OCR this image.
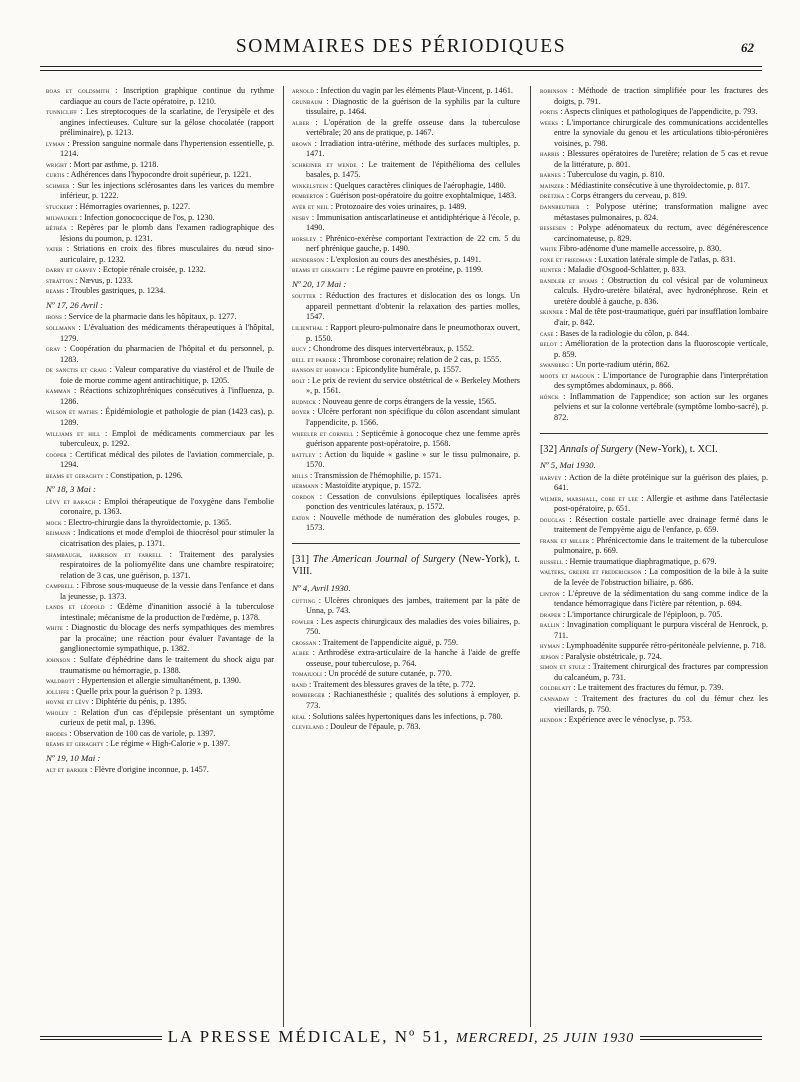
SOMMAIRES DES PÉRIODIQUES	62

boas et goldsmith : Inscription graphique continue du rythme cardiaque au cours de l'acte opératoire, p. 1210.

tunnicliff : Les streptocoques de la scarlatine, de l'erysipèle et des angines infectieuses. Culture sur la gélose chocolatée (rapport préliminaire), p. 1213.

lyman : Pression sanguine normale dans l'hypertension essentielle, p. 1214.

wright : Mort par asthme, p. 1218.

curtis : Adhérences dans l'hypocondre droit supérieur, p. 1221.

schmier : Sur les injections sclérosantes dans les varices du membre inférieur, p. 1222.

stuckert : Hémorragies ovariennes, p. 1227.

milwaukee : Infection gonococcique de l'os, p. 1230.

béthéa : Repères par le plomb dans l'examen radiographique des lésions du poumon, p. 1231.

yater : Striations en croix des fibres musculaires du nœud sino-auriculaire, p. 1232.

darry et garvey : Ectopie rénale croisée, p. 1232.

stratton : Nævus, p. 1233.

beams : Troubles gastriques, p. 1234.

Nº 17, 26 Avril :

irons : Service de la pharmacie dans les hôpitaux, p. 1277.

sollmann : L'évaluation des médicaments thérapeutiques à l'hôpital, 1279.

gray : Coopération du pharmacien de l'hôpital et du personnel, p. 1283.

de sanctis et craig : Valeur comparative du viastérol et de l'huile de foie de morue comme agent antirachitique, p. 1205.

kamman : Réactions schizophréniques consécutives à l'influenza, p. 1286.

wilson et mathis : Épidémiologie et pathologie de pian (1423 cas), p. 1289.

williams et hill : Emploi de médicaments commerciaux par les tuberculeux, p. 1292.

cooper : Certificat médical des pilotes de l'aviation commerciale, p. 1294.

beams et geraghty : Constipation, p. 1296.

Nº 18, 3 Mai :

lévy et barach : Emploi thérapeutique de l'oxygène dans l'embolie coronaire, p. 1363.

mock : Electro-chirurgie dans la thyroïdectomie, p. 1365.

reimann : Indications et mode d'emploi de thiocrésol pour stimuler la cicatrisation des plaies, p. 1371.

shambaugh, harrison et farrell : Traitement des paralysies respiratoires de la poliomyélite dans une chambre respiratoire; relation de 3 cas, une guérison, p. 1371.

campbell : Fibrose sous-muqueuse de la vessie dans l'enfance et dans la jeunesse, p. 1373.

lands et léopold : Œdème d'inanition associé à la tuberculose intestinale; mécanisme de la production de l'œdème, p. 1378.

white : Diagnostic du blocage des nerfs sympathiques des membres par la procaïne; une réaction pour évaluer l'avantage de la ganglionectomie sympathique, p. 1382.

johnson : Sulfate d'éphédrine dans le traitement du shock aigu par traumatisme ou hémorragie, p. 1388.

waldbott : Hypertension et allergie simultanément, p. 1390.

jolliffe : Quelle prix pour la guérison ? p. 1393.

hoyne et lévy : Diphtérie du pénis, p. 1395.

wholey : Relation d'un cas d'épilepsie présentant un symptôme curieux de petit mal, p. 1396.

rhodes : Observation de 100 cas de variole, p. 1397.

beams et geraghty : Le régime « High-Calorie » p. 1397.

Nº 19, 10 Mai :

alt et barker : Flèvre d'origine inconnue, p. 1457.

arnold : Infection du vagin par les éléments Plaut-Vincent, p. 1461.

grunbaum : Diagnostic de la guérison de la syphilis par la culture tissulaire, p. 1464.

alber : L'opération de la greffe osseuse dans la tuberculose vertébrale; 20 ans de pratique, p. 1467.

brown : Irradiation intra-utérine, méthode des surfaces multiples, p. 1471.

schreiner et wende : Le traitement de l'épithélioma des cellules basales, p. 1475.

winkelstein : Quelques caractères cliniques de l'aérophagie, 1480.

pemberton : Guérison post-opératoire du goitre exophtalmique, 1483.

ayer et neil : Protozoaire des voies urinaires, p. 1489.

nesby : Immunisation antiscarlatineuse et antidiphtérique à l'école, p. 1490.

horsley : Phrénico-exérèse comportant l'extraction de 22 cm. 5 du nerf phrénique gauche, p. 1490.

henderson : L'explosion au cours des anesthésies, p. 1491.

beams et geraghty : Le régime pauvre en protéine, p. 1199.

Nº 20, 17 Mai :

soutter : Réduction des fractures et dislocation des os longs. Un appareil permettant d'obtenir la relaxation des parties molles, 1547.

lilienthal : Rapport pleuro-pulmonaire dans le pneumothorax ouvert, p. 1550.

bucy : Chondrome des disques intervertébraux, p. 1552.

bell et parder : Thrombose coronaire; relation de 2 cas, p. 1555.

hanson et horwich : Epicondylite humérale, p. 1557.

bolt : Le prix de revient du service obstétrical de « Berkeley Mothers », p. 1561.

rudnick : Nouveau genre de corps étrangers de la vessie, 1565.

boyer : Ulcère perforant non spécifique du côlon ascendant simulant l'appendicite, p. 1566.

wheeler et cornell : Septicémie à gonocoque chez une femme après guérison apparente post-opératoire, p. 1568.

battley : Action du liquide « gasline » sur le tissu pulmonaire, p. 1570.

mills : Transmission de l'hémophilie, p. 1571.

hermann : Mastoïdite atypique, p. 1572.

gordon : Cessation de convulsions épileptiques localisées après ponction des ventricules latéraux, p. 1572.

eaton : Nouvelle méthode de numération des globules rouges, p. 1573.

[31] The American Journal of Surgery (New-York), t. VIII.
Nº 4, Avril 1930.

cutting : Ulcères chroniques des jambes, traitement par la pâte de Unna, p. 743.

fowler : Les aspects chirurgicaux des maladies des voies biliaires, p. 750.

crossan : Traitement de l'appendicite aiguë, p. 759.

albee : Arthrodèse extra-articulaire de la hanche à l'aide de greffe osseuse, pour tuberculose, p. 764.

tomaiuoli : Un procédé de suture cutanée, p. 770.

rand : Traitement des blessures graves de la tête, p. 772.

romberger : Rachianesthésie ; qualités des solutions à employer, p. 773.

keal : Solutions salées hypertoniques dans les infections, p. 780.

cleveland : Douleur de l'épaule, p. 783.

robinson : Méthode de traction simplifiée pour les fractures des doigts, p. 791.

portis : Aspects cliniques et pathologiques de l'appendicite, p. 793.

weeks : L'importance chirurgicale des communications accidentelles entre la synoviale du genou et les articulations tibio-péronières voisines, p. 798.

harris : Blessures opératoires de l'uretère; relation de 5 cas et revue de la littérature, p. 801.

barnes : Tuberculose du vagin, p. 810.

mainzer : Médiastinite consécutive à une thyroïdectomie, p. 817.

dretzka : Corps étrangers du cerveau, p. 819.

dannreuther : Polypose utérine; transformation maligne avec métastases pulmonaires, p. 824.

bessesen : Polype adénomateux du rectum, avec dégénérescence carcinomateuse, p. 829.

white Fibro-adénome d'une mamelle accessoire, p. 830.

foxe et friedman : Luxation latérale simple de l'atlas, p. 831.

hunter : Maladie d'Osgood-Schlatter, p. 833.

bandler et hyams : Obstruction du col vésical par de volumineux calculs. Hydro-uretère bilatéral, avec hydronéphrose. Rein et uretère doublé à gauche, p. 836.

skinner : Mal de tête post-traumatique, guéri par insufflation lombaire d'air, p. 842.

case : Bases de la radiologie du côlon, p. 844.

belot : Amélioration de la protection dans la fluoroscopie verticale, p. 859.

swanberg : Un porte-radium utérin, 862.

moots et magoun : L'importance de l'urographie dans l'interprétation des symptômes abdominaux, p. 866.

hönck : Inflammation de l'appendice; son action sur les organes pelviens et sur la colonne vertébrale (symptôme lombo-sacré), p. 872.

[32] Annals of Surgery (New-York), t. XCI.
Nº 5, Mai 1930.

harvey : Action de la diète protéinique sur la guérison des plaies, p. 641.

wilmer, marshall, cobe et lee : Allergie et asthme dans l'atélectasie post-opératoire, p. 651.

douglas : Résection costale partielle avec drainage fermé dans le traitement de l'empyème aigu de l'enfance, p. 659.

frank et miller : Phrénicectomie dans le traitement de la tuberculose pulmonaire, p. 669.

russell : Hernie traumatique diaphragmatique, p. 679.

walters, greene et frederickson : La composition de la bile à la suite de la levée de l'obstruction biliaire, p. 686.

linton : L'épreuve de la sédimentation du sang comme indice de la tendance hémorragique dans l'ictère par rétention, p. 694.

draper : L'importance chirurgicale de l'épiploon, p. 705.

ballin : Invagination compliquant le purpura viscéral de Henrock, p. 711.

hyman : Lymphoadénite suppurée rétro-péritonéale pelvienne, p. 718.

jepson : Paralysie obstétricale, p. 724.

simon et stulz : Traitement chirurgical des fractures par compression du calcanéum, p. 731.

goldblatt : Le traitement des fractures du fémur, p. 739.

cannaday : Traitement des fractures du col du fémur chez les vieillards, p. 750.

hendon : Expérience avec le vénoclyse, p. 753.

LA PRESSE MÉDICALE, Nº 51, MERCREDI, 25 JUIN 1930
